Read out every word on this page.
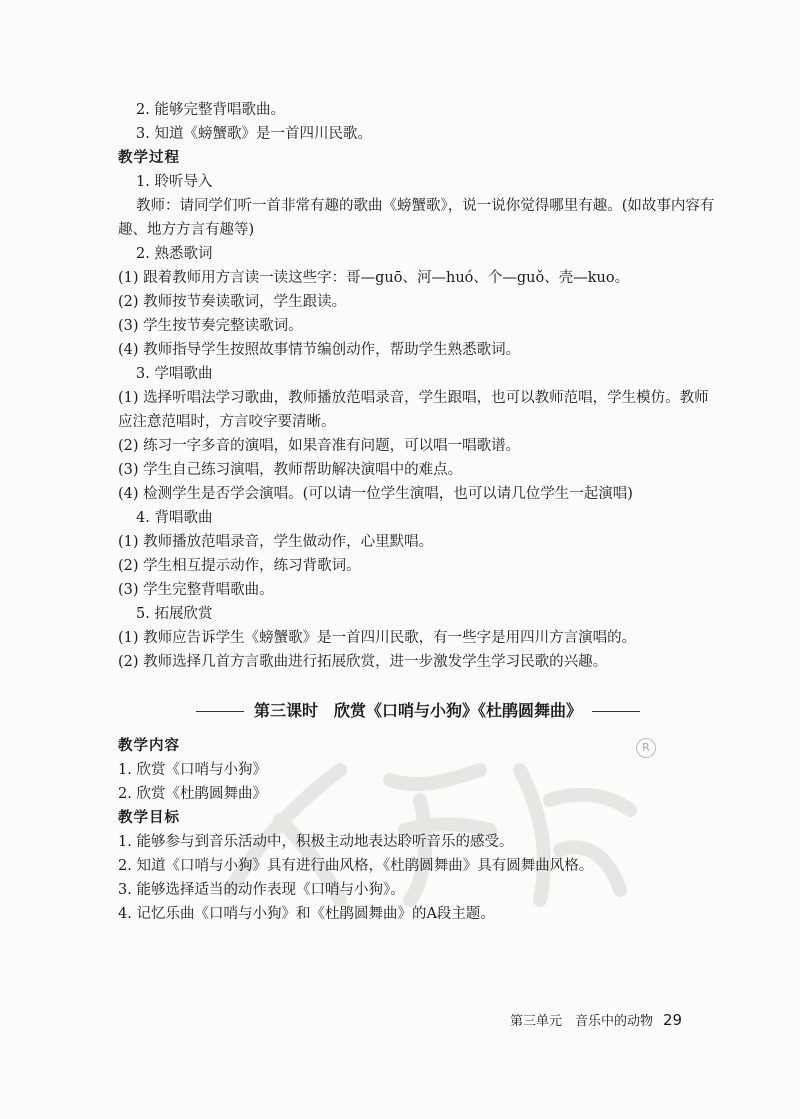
2. 能够完整背唱歌曲。
3. 知道《螃蟹歌》是一首四川民歌。
教学过程
1. 聆听导入
教师：请同学们听一首非常有趣的歌曲《螃蟹歌》，说一说你觉得哪里有趣。(如故事内容有趣、地方方言有趣等)
2. 熟悉歌词
(1) 跟着教师用方言读一读这些字：哥—guō、河—huó、个—guǒ、壳—kuo。
(2) 教师按节奏读歌词，学生跟读。
(3) 学生按节奏完整读歌词。
(4) 教师指导学生按照故事情节编创动作，帮助学生熟悉歌词。
3. 学唱歌曲
(1) 选择听唱法学习歌曲，教师播放范唱录音，学生跟唱，也可以教师范唱，学生模仿。教师应注意范唱时，方言咬字要清晰。
(2) 练习一字多音的演唱，如果音准有问题，可以唱一唱歌谱。
(3) 学生自己练习演唱，教师帮助解决演唱中的难点。
(4) 检测学生是否学会演唱。(可以请一位学生演唱，也可以请几位学生一起演唱)
4. 背唱歌曲
(1) 教师播放范唱录音，学生做动作，心里默唱。
(2) 学生相互提示动作，练习背歌词。
(3) 学生完整背唱歌曲。
5. 拓展欣赏
(1) 教师应告诉学生《螃蟹歌》是一首四川民歌，有一些字是用四川方言演唱的。
(2) 教师选择几首方言歌曲进行拓展欣赏，进一步激发学生学习民歌的兴趣。
第三课时　欣赏《口哨与小狗》《杜鹃圆舞曲》
教学内容
1. 欣赏《口哨与小狗》
2. 欣赏《杜鹃圆舞曲》
教学目标
1. 能够参与到音乐活动中，积极主动地表达聆听音乐的感受。
2. 知道《口哨与小狗》具有进行曲风格，《杜鹃圆舞曲》具有圆舞曲风格。
3. 能够选择适当的动作表现《口哨与小狗》。
4. 记忆乐曲《口哨与小狗》和《杜鹃圆舞曲》的A段主题。
R
第三单元　音乐中的动物 29
